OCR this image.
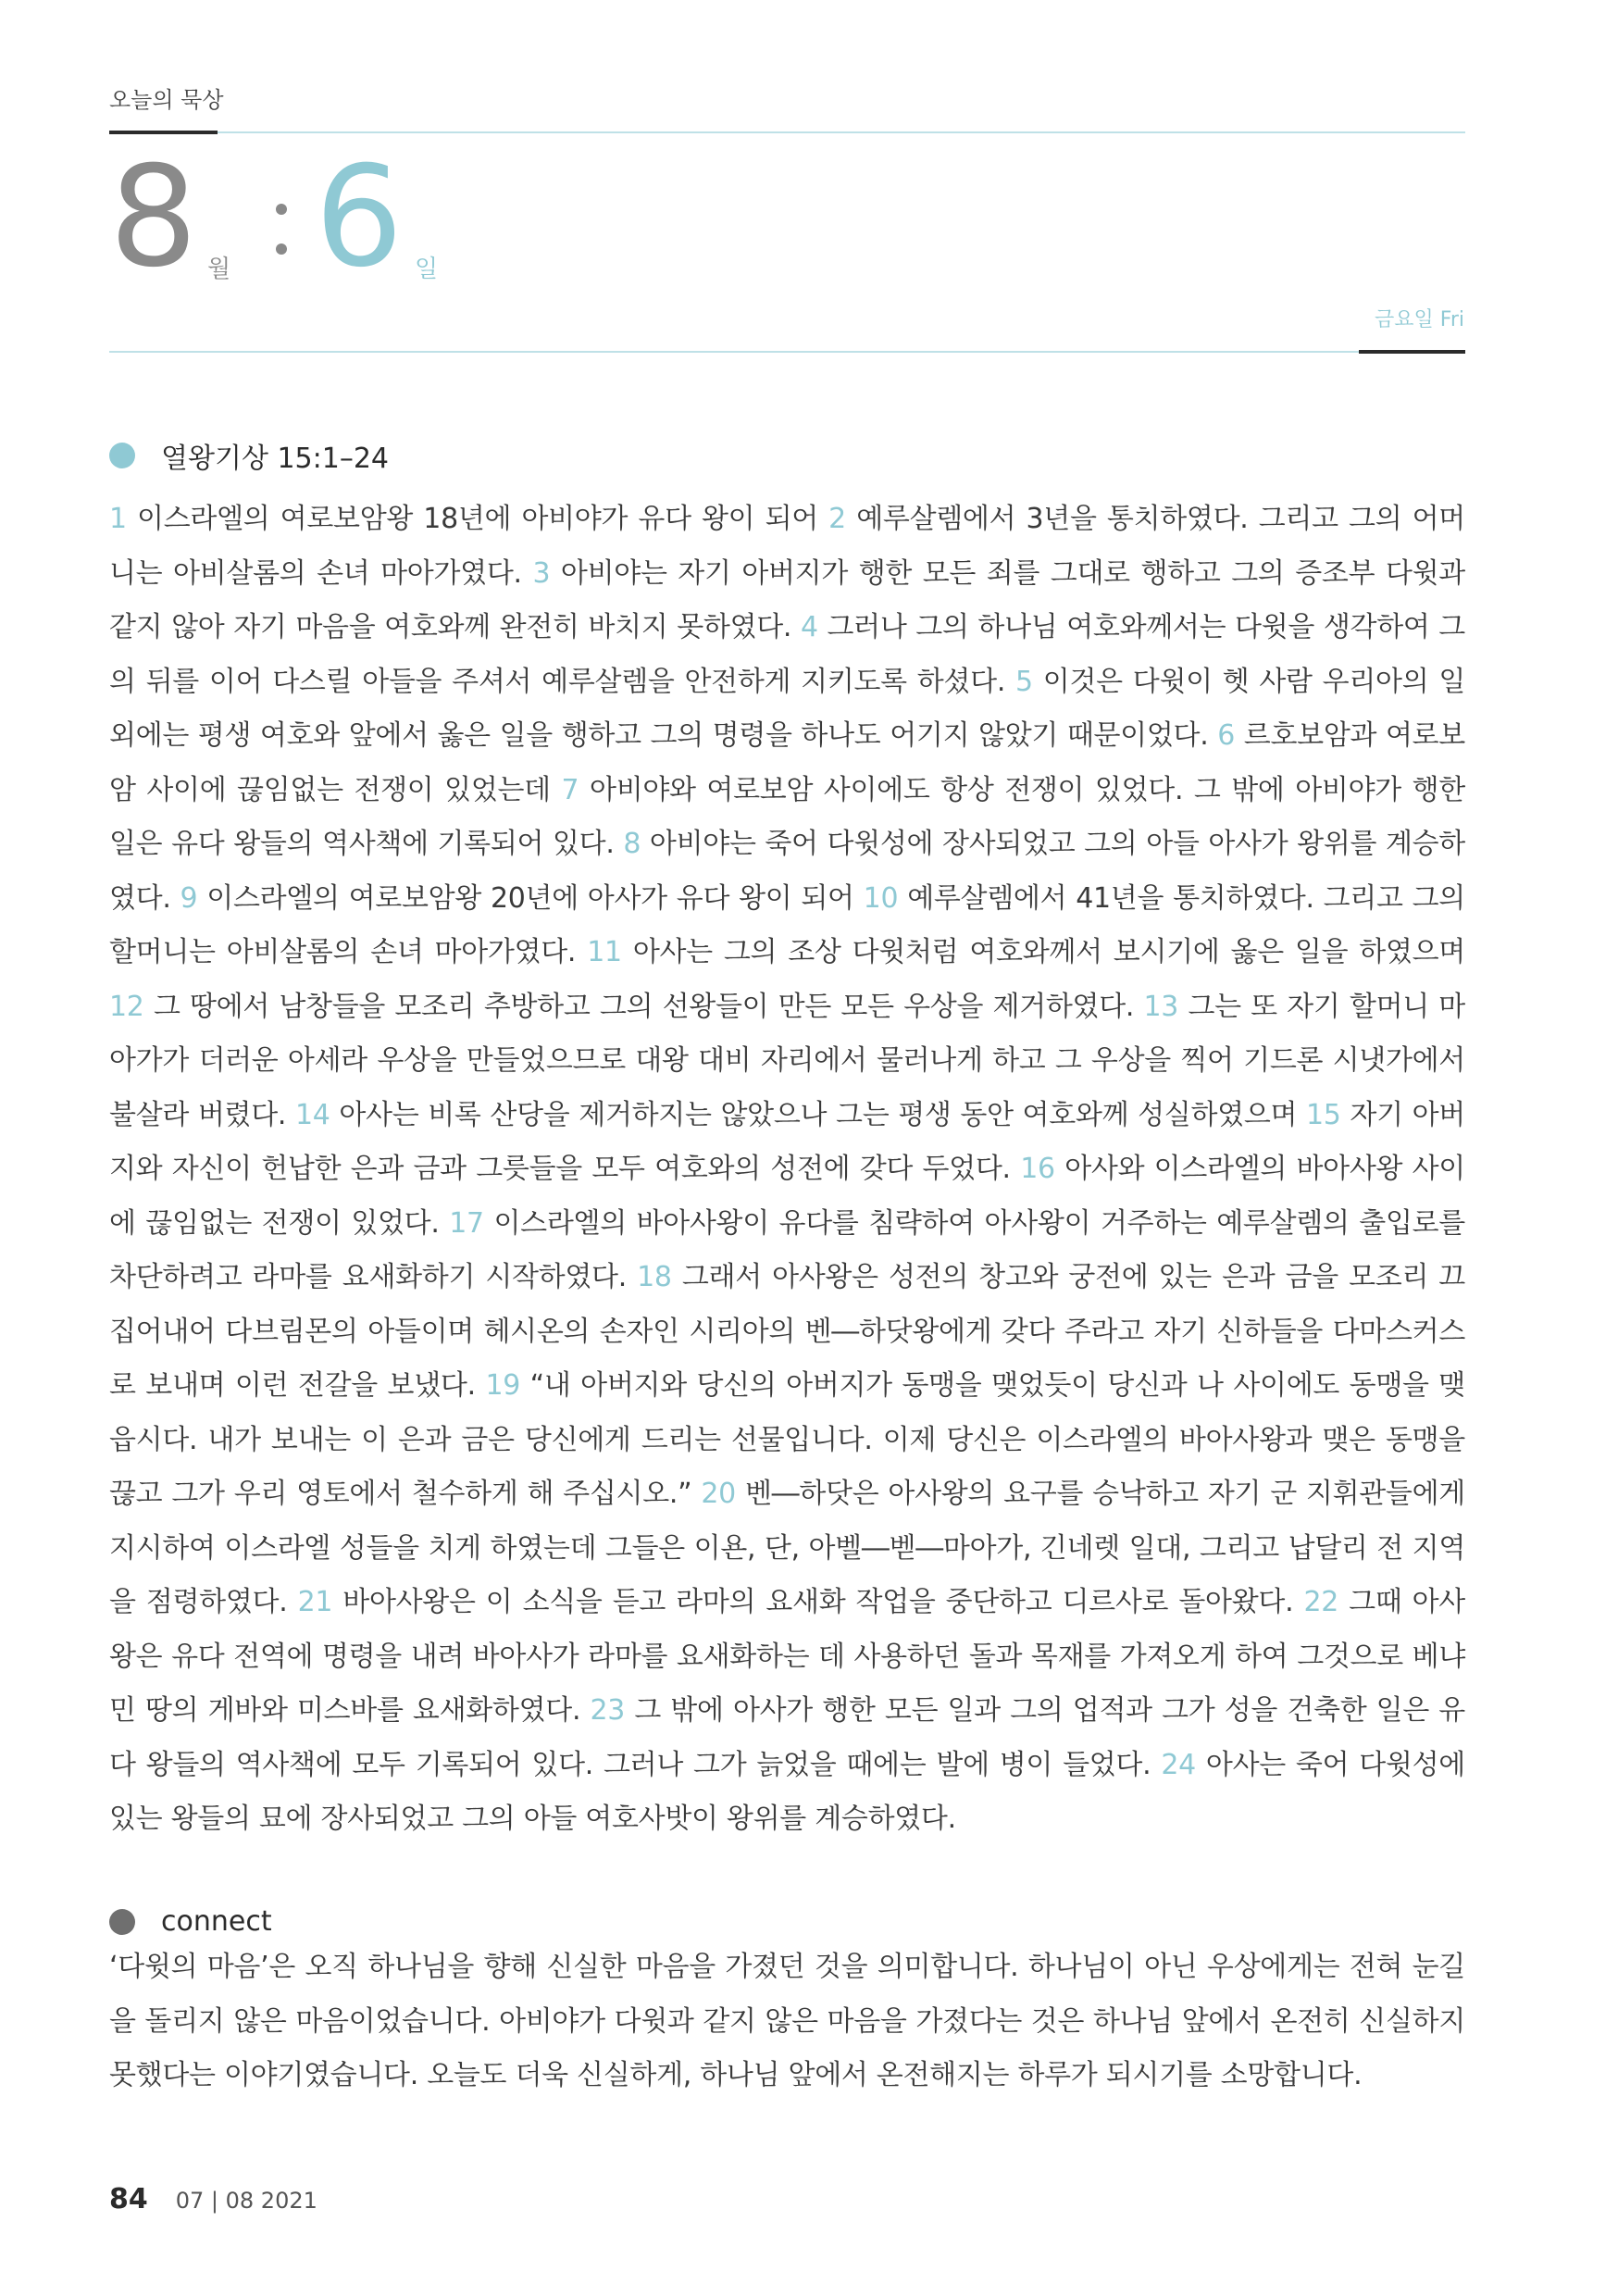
오늘의 묵상
8 월 6 일
금요일 Fri
열왕기상 15:1–24
1 이스라엘의 여로보암왕 18년에 아비야가 유다 왕이 되어 2 예루살렘에서 3년을 통치하였다. 그리고 그의 어머니는 아비살롬의 손녀 마아가였다. 3 아비야는 자기 아버지가 행한 모든 죄를 그대로 행하고 그의 증조부 다윗과 같지 않아 자기 마음을 여호와께 완전히 바치지 못하였다. 4 그러나 그의 하나님 여호와께서는 다윗을 생각하여 그의 뒤를 이어 다스릴 아들을 주셔서 예루살렘을 안전하게 지키도록 하셨다. 5 이것은 다윗이 헷 사람 우리아의 일 외에는 평생 여호와 앞에서 옳은 일을 행하고 그의 명령을 하나도 어기지 않았기 때문이었다. 6 르호보암과 여로보암 사이에 끊임없는 전쟁이 있었는데 7 아비야와 여로보암 사이에도 항상 전쟁이 있었다. 그 밖에 아비야가 행한 일은 유다 왕들의 역사책에 기록되어 있다. 8 아비야는 죽어 다윗성에 장사되었고 그의 아들 아사가 왕위를 계승하였다. 9 이스라엘의 여로보암왕 20년에 아사가 유다 왕이 되어 10 예루살렘에서 41년을 통치하였다. 그리고 그의 할머니는 아비살롬의 손녀 마아가였다. 11 아사는 그의 조상 다윗처럼 여호와께서 보시기에 옳은 일을 하였으며 12 그 땅에서 남창들을 모조리 추방하고 그의 선왕들이 만든 모든 우상을 제거하였다. 13 그는 또 자기 할머니 마아가가 더러운 아세라 우상을 만들었으므로 대왕 대비 자리에서 물러나게 하고 그 우상을 찍어 기드론 시냇가에서 불살라 버렸다. 14 아사는 비록 산당을 제거하지는 않았으나 그는 평생 동안 여호와께 성실하였으며 15 자기 아버지와 자신이 헌납한 은과 금과 그릇들을 모두 여호와의 성전에 갖다 두었다. 16 아사와 이스라엘의 바아사왕 사이에 끊임없는 전쟁이 있었다. 17 이스라엘의 바아사왕이 유다를 침략하여 아사왕이 거주하는 예루살렘의 출입로를 차단하려고 라마를 요새화하기 시작하였다. 18 그래서 아사왕은 성전의 창고와 궁전에 있는 은과 금을 모조리 끄집어내어 다브림몬의 아들이며 헤시온의 손자인 시리아의 벤―하닷왕에게 갖다 주라고 자기 신하들을 다마스커스로 보내며 이런 전갈을 보냈다. 19 “내 아버지와 당신의 아버지가 동맹을 맺었듯이 당신과 나 사이에도 동맹을 맺읍시다. 내가 보내는 이 은과 금은 당신에게 드리는 선물입니다. 이제 당신은 이스라엘의 바아사왕과 맺은 동맹을 끊고 그가 우리 영토에서 철수하게 해 주십시오.” 20 벤―하닷은 아사왕의 요구를 승낙하고 자기 군 지휘관들에게 지시하여 이스라엘 성들을 치게 하였는데 그들은 이욘, 단, 아벨―벧―마아가, 긴네렛 일대, 그리고 납달리 전 지역을 점령하였다. 21 바아사왕은 이 소식을 듣고 라마의 요새화 작업을 중단하고 디르사로 돌아왔다. 22 그때 아사왕은 유다 전역에 명령을 내려 바아사가 라마를 요새화하는 데 사용하던 돌과 목재를 가져오게 하여 그것으로 베냐민 땅의 게바와 미스바를 요새화하였다. 23 그 밖에 아사가 행한 모든 일과 그의 업적과 그가 성을 건축한 일은 유다 왕들의 역사책에 모두 기록되어 있다. 그러나 그가 늙었을 때에는 발에 병이 들었다. 24 아사는 죽어 다윗성에 있는 왕들의 묘에 장사되었고 그의 아들 여호사밧이 왕위를 계승하였다.
connect
‘다윗의 마음’은 오직 하나님을 향해 신실한 마음을 가졌던 것을 의미합니다. 하나님이 아닌 우상에게는 전혀 눈길을 돌리지 않은 마음이었습니다. 아비야가 다윗과 같지 않은 마음을 가졌다는 것은 하나님 앞에서 온전히 신실하지 못했다는 이야기였습니다. 오늘도 더욱 신실하게, 하나님 앞에서 온전해지는 하루가 되시기를 소망합니다.
84 07 | 08 2021
